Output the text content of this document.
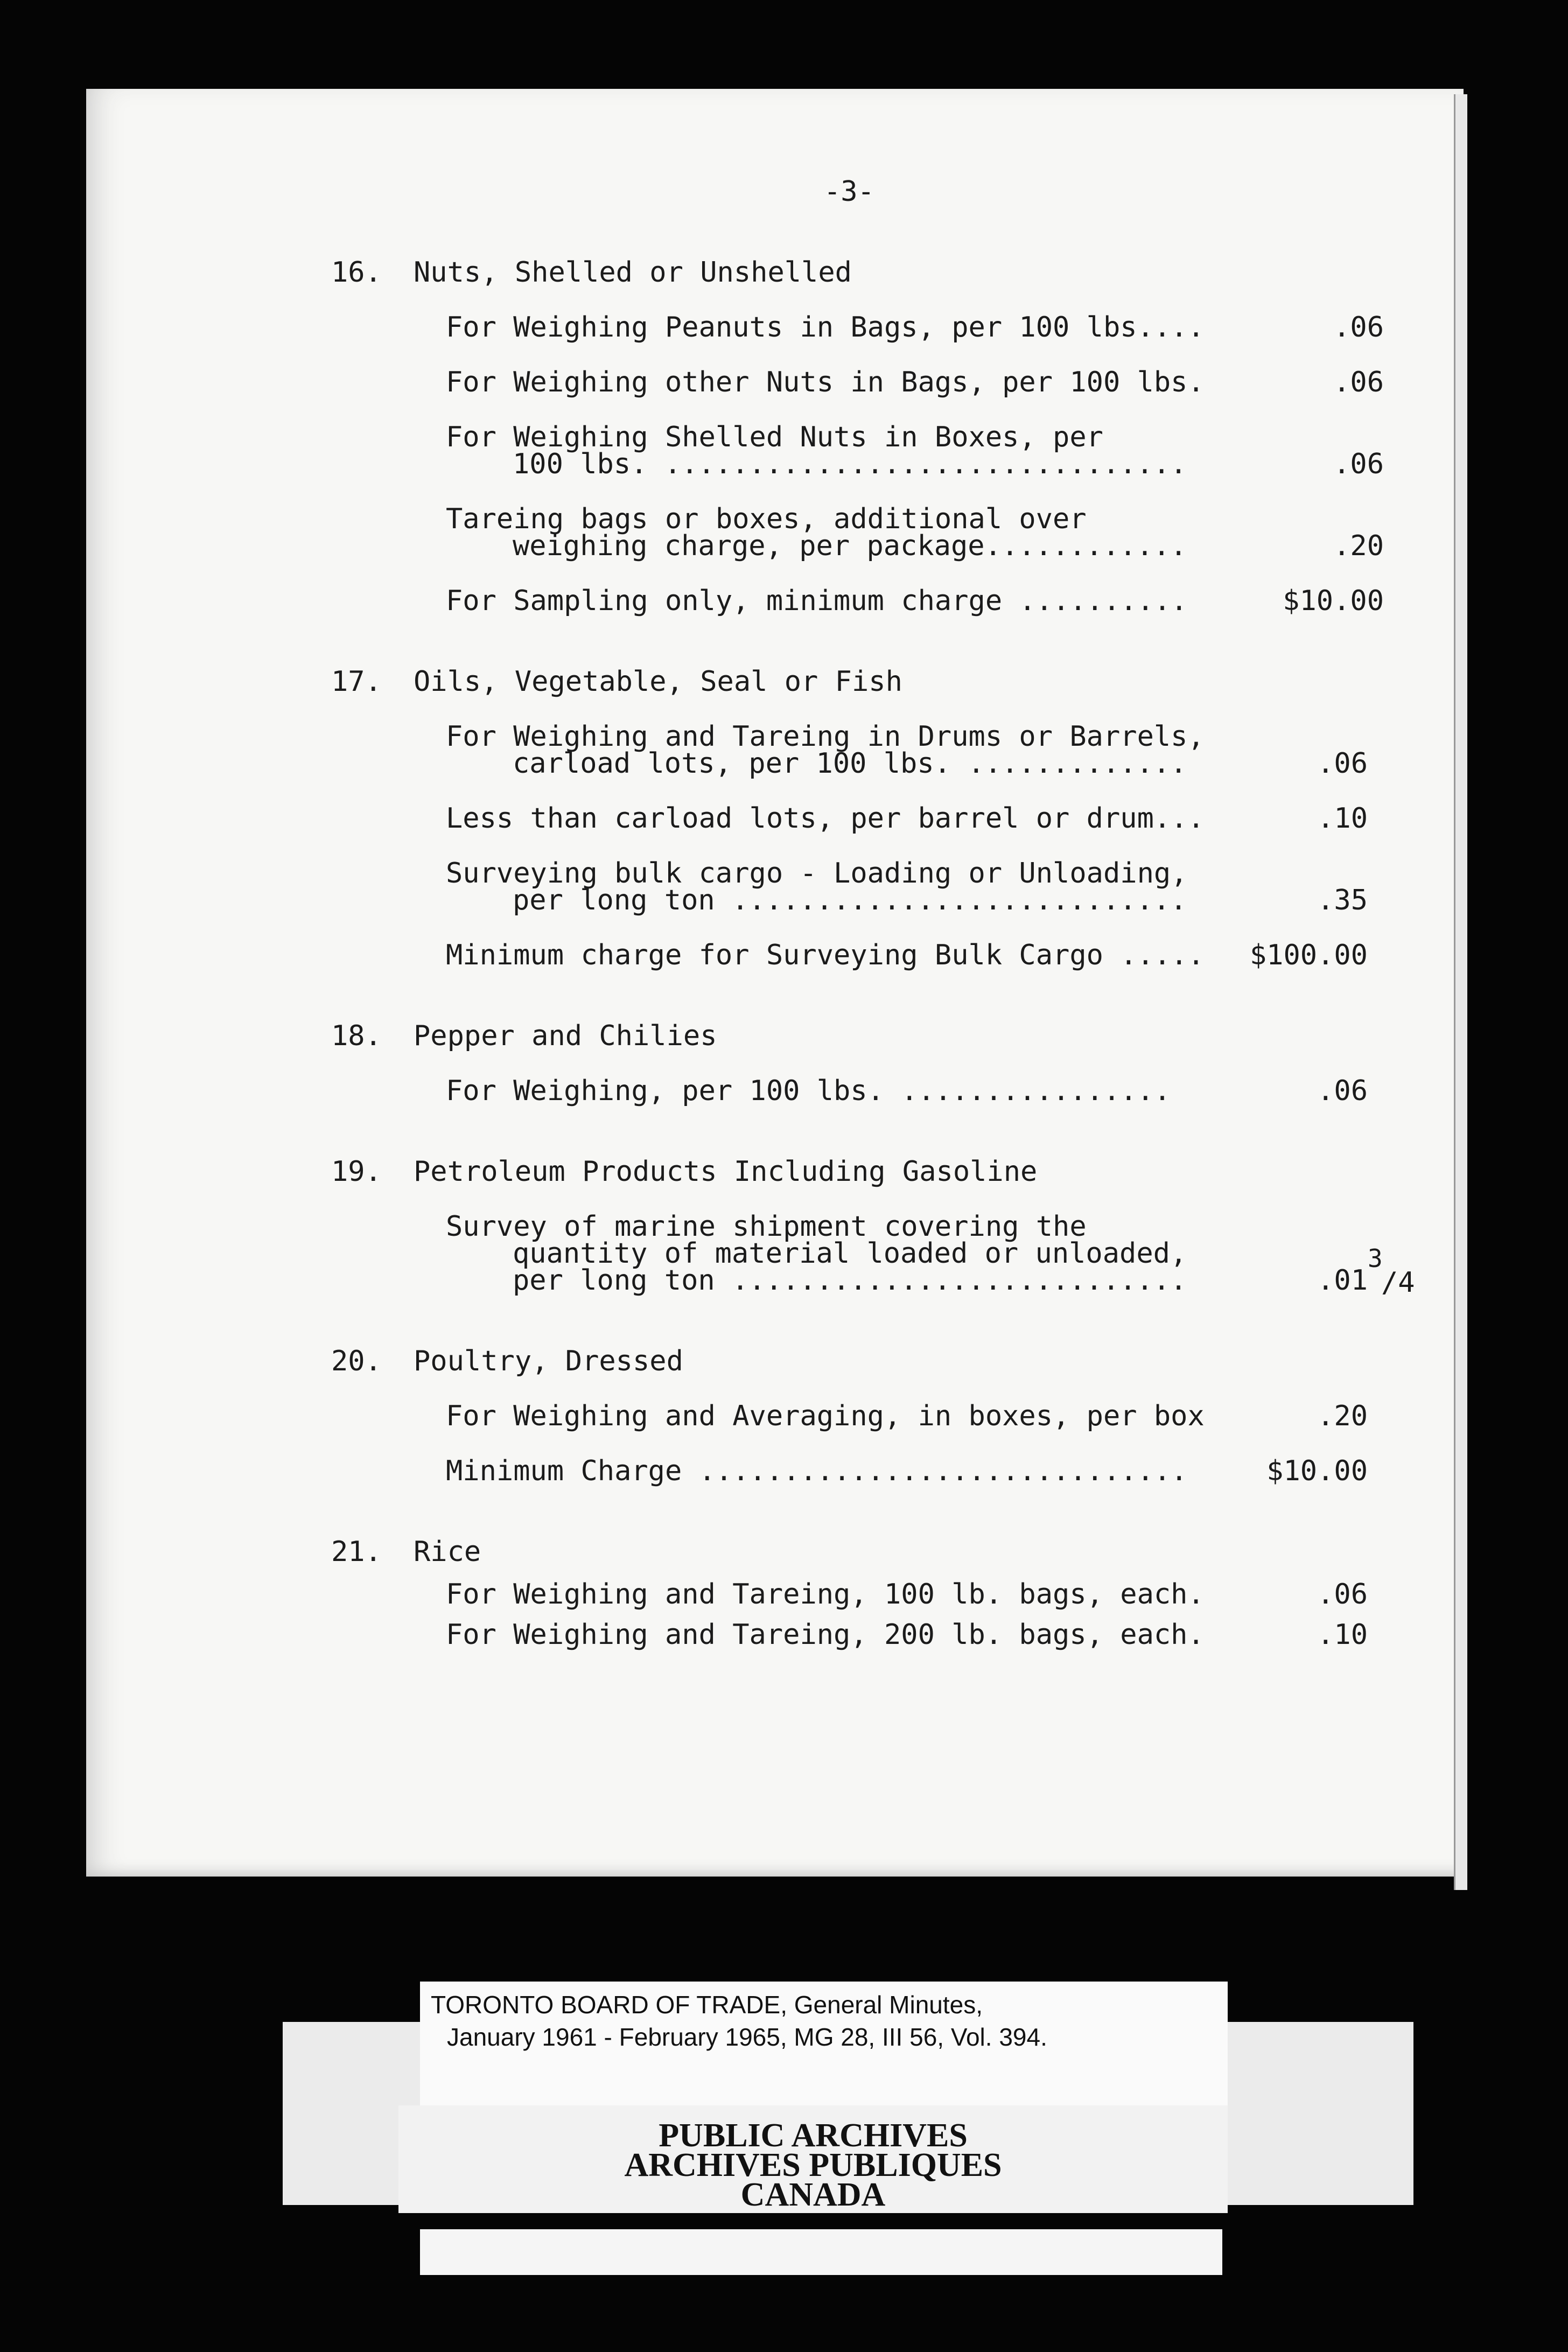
-3-
16. Nuts, Shelled or Unshelled
For Weighing Peanuts in Bags, per 100 lbs....	.06
For Weighing other Nuts in Bags, per 100 lbs.	.06
For Weighing Shelled Nuts in Boxes, per
100 lbs. ...............................	.06
Tareing bags or boxes, additional over
weighing charge, per package............	.20
For Sampling only, minimum charge ..........	$10.00
17. Oils, Vegetable, Seal or Fish
For Weighing and Tareing in Drums or Barrels,
carload lots, per 100 lbs. .............	.06
Less than carload lots, per barrel or drum...	.10
Surveying bulk cargo - Loading or Unloading,
per long ton ...........................	.35
Minimum charge for Surveying Bulk Cargo .....	$100.00
18. Pepper and Chilies
For Weighing, per 100 lbs. ................	.06
19. Petroleum Products Including Gasoline
Survey of marine shipment covering the
quantity of material loaded or unloaded,
per long ton ...........................	.01
3
/4
20. Poultry, Dressed
For Weighing and Averaging, in boxes, per box	.20
Minimum Charge .............................	$10.00
21. Rice
For Weighing and Tareing, 100 lb. bags, each.	.06
For Weighing and Tareing, 200 lb. bags, each.	.10
TORONTO BOARD OF TRADE, General Minutes,
January 1961 - February 1965, MG 28, III 56, Vol. 394.
PUBLIC ARCHIVES
ARCHIVES PUBLIQUES
CANADA
